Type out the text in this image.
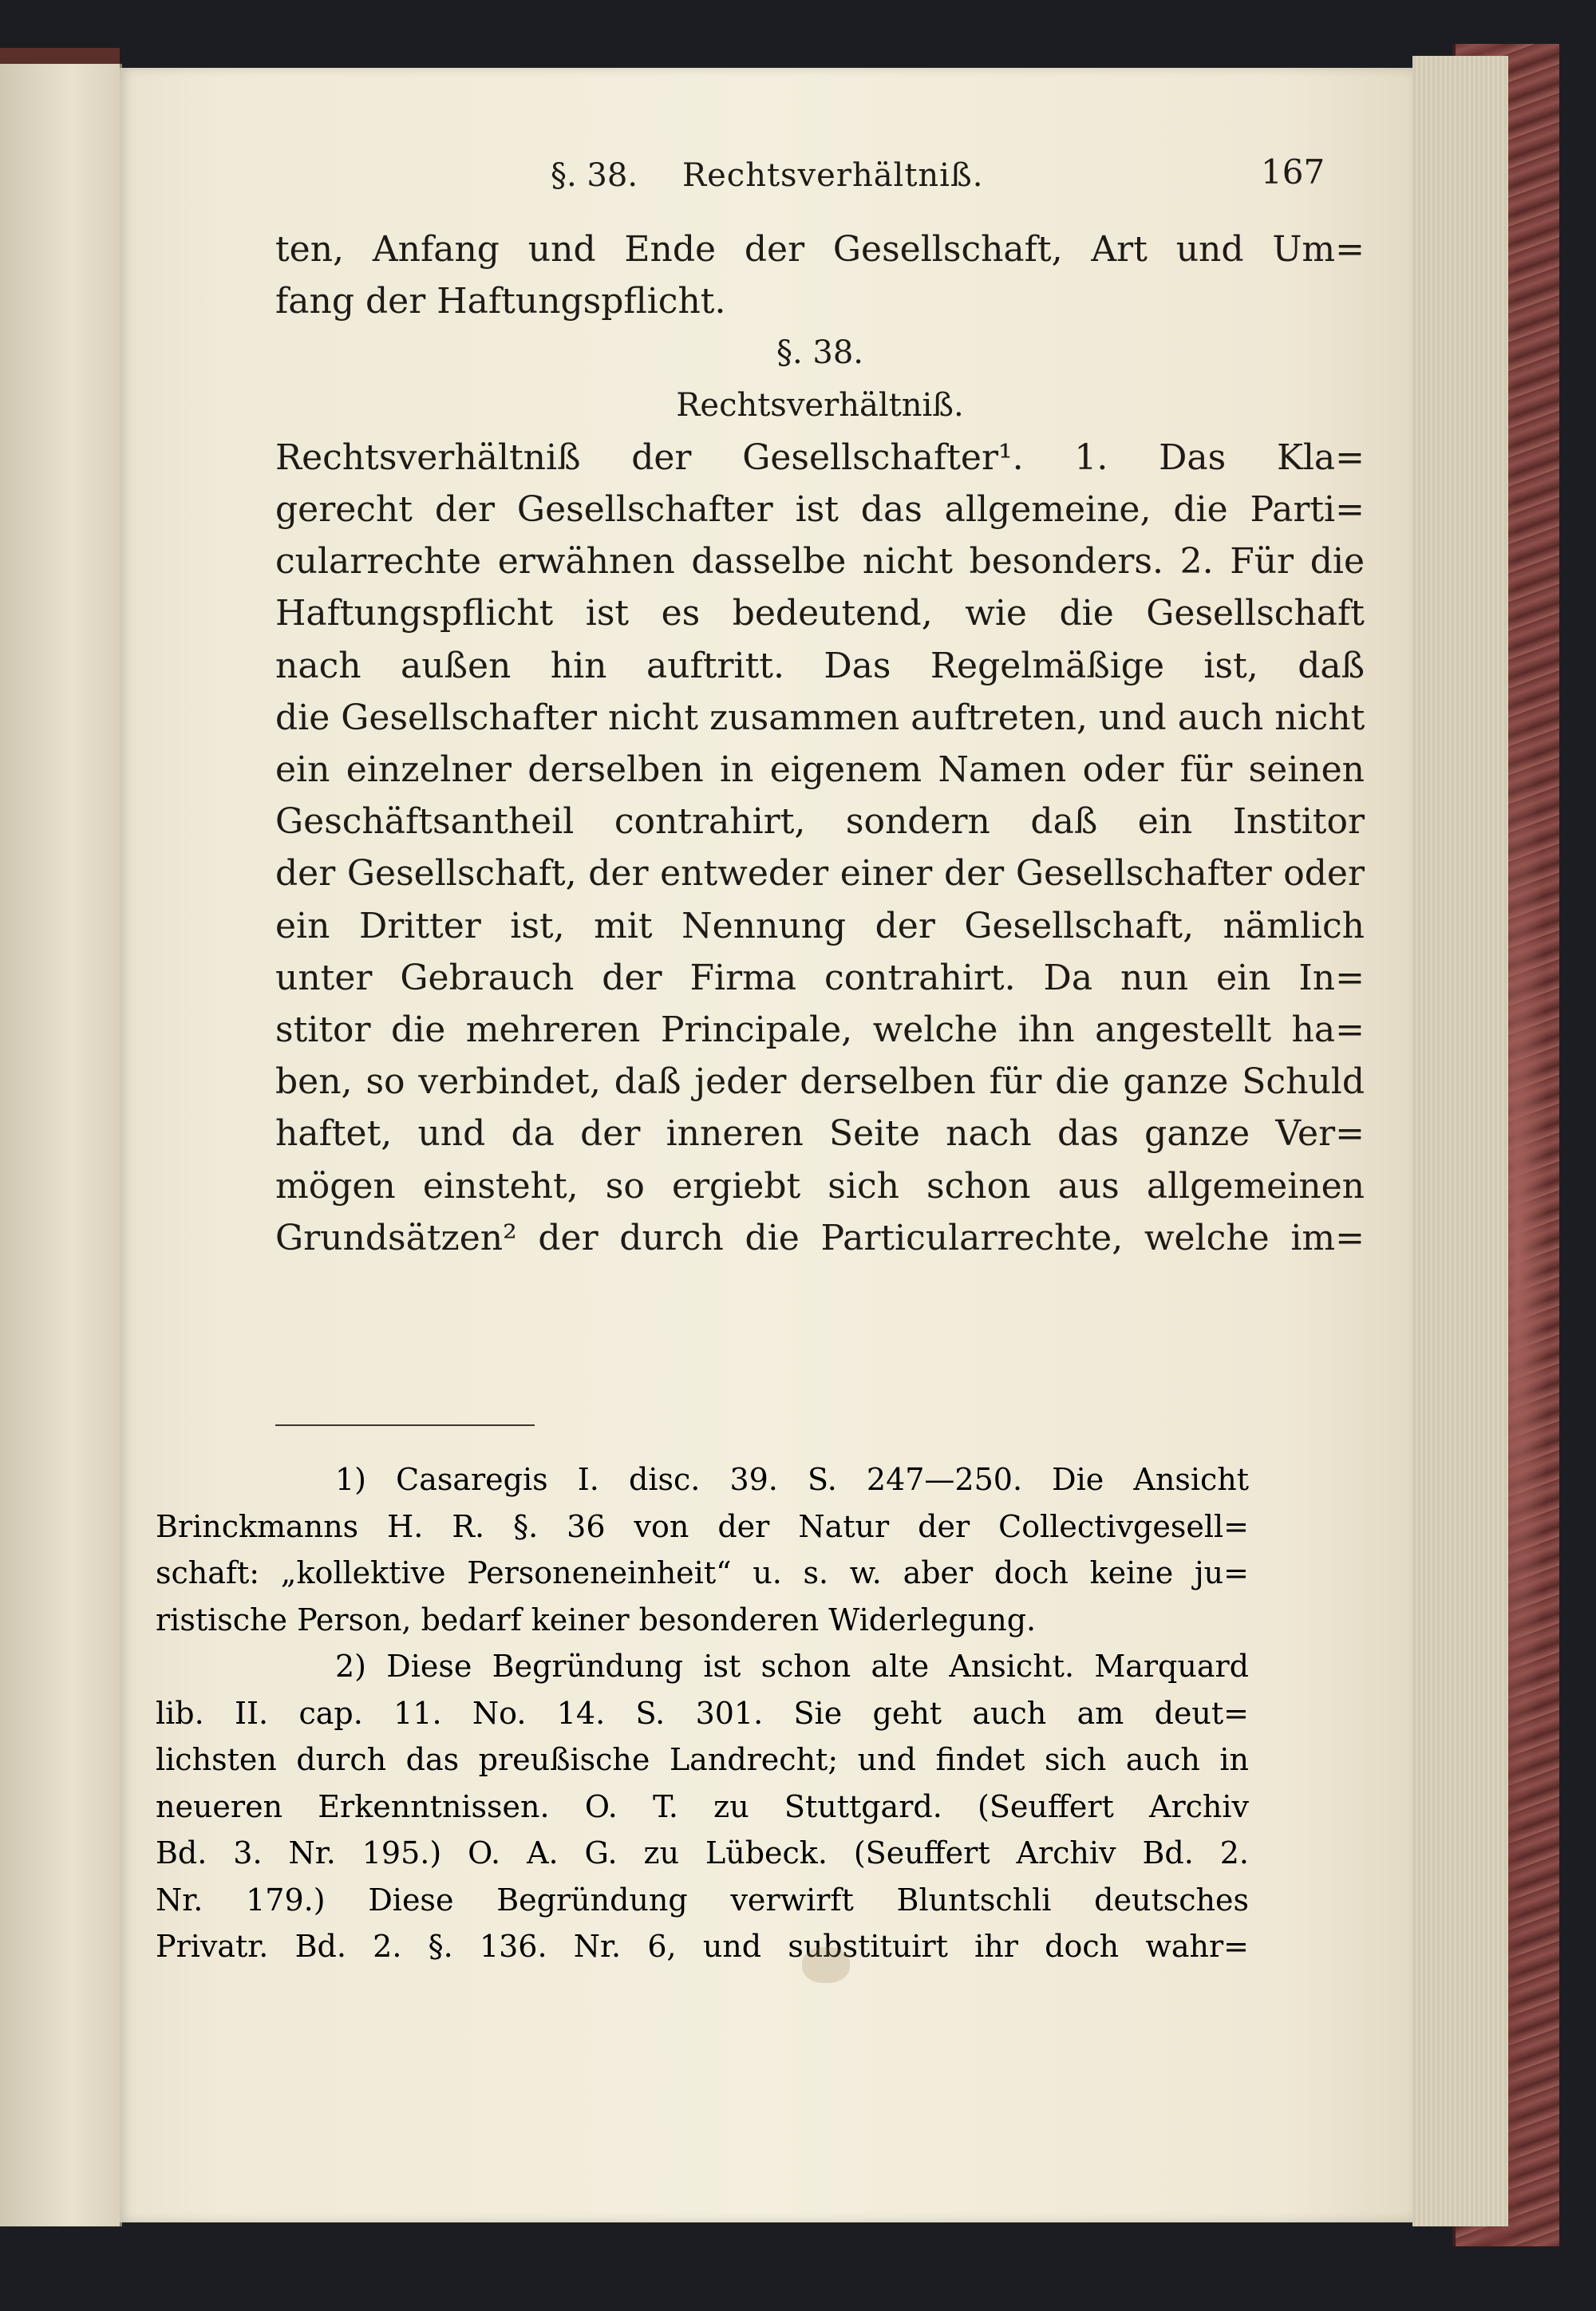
§. 38. Rechtsverhältniß.	167
ten, Anfang und Ende der Gesellschaft, Art und Um=
fang der Haftungspflicht.
§. 38.
Rechtsverhältniß.
Rechtsverhältniß der Gesellschafter¹. 1. Das Kla=
gerecht der Gesellschafter ist das allgemeine, die Parti=
cularrechte erwähnen dasselbe nicht besonders. 2. Für die
Haftungspflicht ist es bedeutend, wie die Gesellschaft
nach außen hin auftritt. Das Regelmäßige ist, daß
die Gesellschafter nicht zusammen auftreten, und auch nicht
ein einzelner derselben in eigenem Namen oder für seinen
Geschäftsantheil contrahirt, sondern daß ein Institor
der Gesellschaft, der entweder einer der Gesellschafter oder
ein Dritter ist, mit Nennung der Gesellschaft, nämlich
unter Gebrauch der Firma contrahirt. Da nun ein In=
stitor die mehreren Principale, welche ihn angestellt ha=
ben, so verbindet, daß jeder derselben für die ganze Schuld
haftet, und da der inneren Seite nach das ganze Ver=
mögen einsteht, so ergiebt sich schon aus allgemeinen
Grundsätzen² der durch die Particularrechte, welche im=
1) Casaregis I. disc. 39. S. 247—250. Die Ansicht
Brinckmanns H. R. §. 36 von der Natur der Collectivgesell=
schaft: „kollektive Personeneinheit“ u. s. w. aber doch keine ju=
ristische Person, bedarf keiner besonderen Widerlegung.
2) Diese Begründung ist schon alte Ansicht. Marquard
lib. II. cap. 11. No. 14. S. 301. Sie geht auch am deut=
lichsten durch das preußische Landrecht; und findet sich auch in
neueren Erkenntnissen. O. T. zu Stuttgard. (Seuffert Archiv
Bd. 3. Nr. 195.) O. A. G. zu Lübeck. (Seuffert Archiv Bd. 2.
Nr. 179.) Diese Begründung verwirft Bluntschli deutsches
Privatr. Bd. 2. §. 136. Nr. 6, und substituirt ihr doch wahr=
